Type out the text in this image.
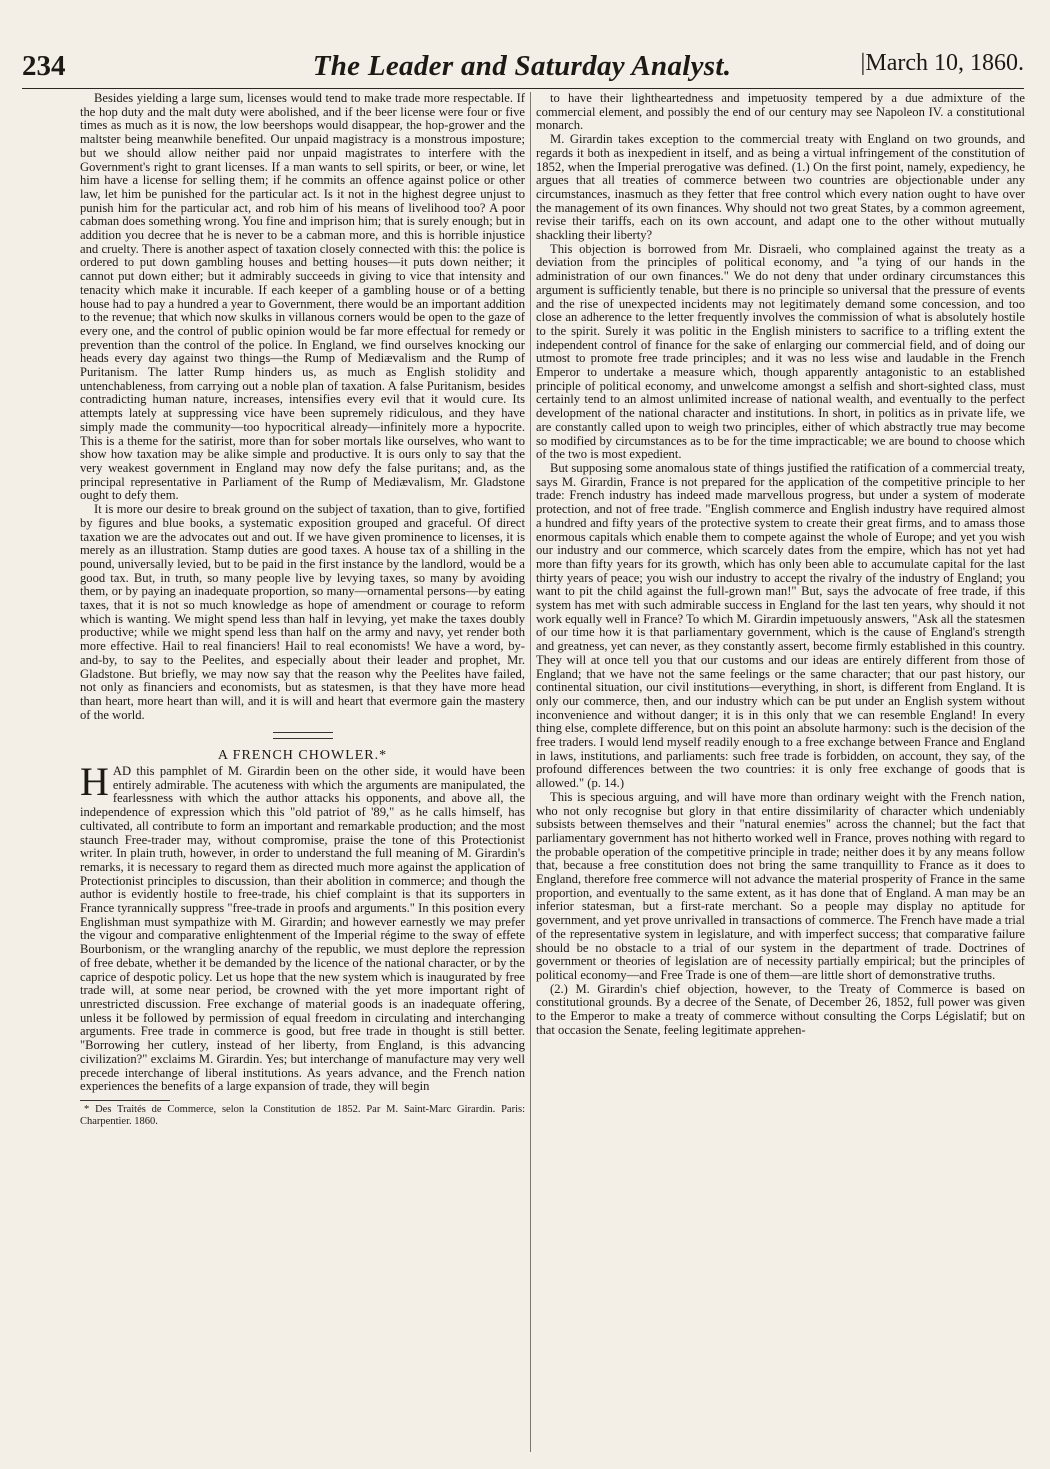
234	The Leader and Saturday Analyst.	|March 10, 1860.

Besides yielding a large sum, licenses would tend to make trade more respectable. If the hop duty and the malt duty were abolished, and if the beer license were four or five times as much as it is now, the low beershops would disappear, the hop-grower and the maltster being meanwhile benefited. Our unpaid magistracy is a monstrous imposture; but we should allow neither paid nor unpaid magistrates to interfere with the Government's right to grant licenses. If a man wants to sell spirits, or beer, or wine, let him have a license for selling them; if he commits an offence against police or other law, let him be punished for the particular act. Is it not in the highest degree unjust to punish him for the particular act, and rob him of his means of livelihood too? A poor cabman does something wrong. You fine and imprison him; that is surely enough; but in addition you decree that he is never to be a cabman more, and this is horrible injustice and cruelty. There is another aspect of taxation closely connected with this: the police is ordered to put down gambling houses and betting houses—it puts down neither; it cannot put down either; but it admirably succeeds in giving to vice that intensity and tenacity which make it incurable. If each keeper of a gambling house or of a betting house had to pay a hundred a year to Government, there would be an important addition to the revenue; that which now skulks in villanous corners would be open to the gaze of every one, and the control of public opinion would be far more effectual for remedy or prevention than the control of the police. In England, we find ourselves knocking our heads every day against two things—the Rump of Mediævalism and the Rump of Puritanism. The latter Rump hinders us, as much as English stolidity and untenchableness, from carrying out a noble plan of taxation. A false Puritanism, besides contradicting human nature, increases, intensifies every evil that it would cure. Its attempts lately at suppressing vice have been supremely ridiculous, and they have simply made the community—too hypocritical already—infinitely more a hypocrite. This is a theme for the satirist, more than for sober mortals like ourselves, who want to show how taxation may be alike simple and productive. It is ours only to say that the very weakest government in England may now defy the false puritans; and, as the principal representative in Parliament of the Rump of Mediævalism, Mr. Gladstone ought to defy them.

It is more our desire to break ground on the subject of taxation, than to give, fortified by figures and blue books, a systematic exposition grouped and graceful. Of direct taxation we are the advocates out and out. If we have given prominence to licenses, it is merely as an illustration. Stamp duties are good taxes. A house tax of a shilling in the pound, universally levied, but to be paid in the first instance by the landlord, would be a good tax. But, in truth, so many people live by levying taxes, so many by avoiding them, or by paying an inadequate proportion, so many—ornamental persons—by eating taxes, that it is not so much knowledge as hope of amendment or courage to reform which is wanting. We might spend less than half in levying, yet make the taxes doubly productive; while we might spend less than half on the army and navy, yet render both more effective. Hail to real financiers! Hail to real economists! We have a word, by-and-by, to say to the Peelites, and especially about their leader and prophet, Mr. Gladstone. But briefly, we may now say that the reason why the Peelites have failed, not only as financiers and economists, but as statesmen, is that they have more head than heart, more heart than will, and it is will and heart that evermore gain the mastery of the world.

A FRENCH CHOWLER.*

HAD this pamphlet of M. Girardin been on the other side, it would have been entirely admirable. The acuteness with which the arguments are manipulated, the fearlessness with which the author attacks his opponents, and above all, the independence of expression which this "old patriot of '89," as he calls himself, has cultivated, all contribute to form an important and remarkable production; and the most staunch Free-trader may, without compromise, praise the tone of this Protectionist writer. In plain truth, however, in order to understand the full meaning of M. Girardin's remarks, it is necessary to regard them as directed much more against the application of Protectionist principles to discussion, than their abolition in commerce; and though the author is evidently hostile to free-trade, his chief complaint is that its supporters in France tyrannically suppress "free-trade in proofs and arguments." In this position every Englishman must sympathize with M. Girardin; and however earnestly we may prefer the vigour and comparative enlightenment of the Imperial régime to the sway of effete Bourbonism, or the wrangling anarchy of the republic, we must deplore the repression of free debate, whether it be demanded by the licence of the national character, or by the caprice of despotic policy. Let us hope that the new system which is inaugurated by free trade will, at some near period, be crowned with the yet more important right of unrestricted discussion. Free exchange of material goods is an inadequate offering, unless it be followed by permission of equal freedom in circulating and interchanging arguments. Free trade in commerce is good, but free trade in thought is still better. "Borrowing her cutlery, instead of her liberty, from England, is this advancing civilization?" exclaims M. Girardin. Yes; but interchange of manufacture may very well precede interchange of liberal institutions. As years advance, and the French nation experiences the benefits of a large expansion of trade, they will begin

* Des Traités de Commerce, selon la Constitution de 1852. Par M. Saint-Marc Girardin. Paris: Charpentier. 1860.

to have their lightheartedness and impetuosity tempered by a due admixture of the commercial element, and possibly the end of our century may see Napoleon IV. a constitutional monarch.

M. Girardin takes exception to the commercial treaty with England on two grounds, and regards it both as inexpedient in itself, and as being a virtual infringement of the constitution of 1852, when the Imperial prerogative was defined. (1.) On the first point, namely, expediency, he argues that all treaties of commerce between two countries are objectionable under any circumstances, inasmuch as they fetter that free control which every nation ought to have over the management of its own finances. Why should not two great States, by a common agreement, revise their tariffs, each on its own account, and adapt one to the other without mutually shackling their liberty?

This objection is borrowed from Mr. Disraeli, who complained against the treaty as a deviation from the principles of political economy, and "a tying of our hands in the administration of our own finances." We do not deny that under ordinary circumstances this argument is sufficiently tenable, but there is no principle so universal that the pressure of events and the rise of unexpected incidents may not legitimately demand some concession, and too close an adherence to the letter frequently involves the commission of what is absolutely hostile to the spirit. Surely it was politic in the English ministers to sacrifice to a trifling extent the independent control of finance for the sake of enlarging our commercial field, and of doing our utmost to promote free trade principles; and it was no less wise and laudable in the French Emperor to undertake a measure which, though apparently antagonistic to an established principle of political economy, and unwelcome amongst a selfish and short-sighted class, must certainly tend to an almost unlimited increase of national wealth, and eventually to the perfect development of the national character and institutions. In short, in politics as in private life, we are constantly called upon to weigh two principles, either of which abstractly true may become so modified by circumstances as to be for the time impracticable; we are bound to choose which of the two is most expedient.

But supposing some anomalous state of things justified the ratification of a commercial treaty, says M. Girardin, France is not prepared for the application of the competitive principle to her trade: French industry has indeed made marvellous progress, but under a system of moderate protection, and not of free trade. "English commerce and English industry have required almost a hundred and fifty years of the protective system to create their great firms, and to amass those enormous capitals which enable them to compete against the whole of Europe; and yet you wish our industry and our commerce, which scarcely dates from the empire, which has not yet had more than fifty years for its growth, which has only been able to accumulate capital for the last thirty years of peace; you wish our industry to accept the rivalry of the industry of England; you want to pit the child against the full-grown man!" But, says the advocate of free trade, if this system has met with such admirable success in England for the last ten years, why should it not work equally well in France? To which M. Girardin impetuously answers, "Ask all the statesmen of our time how it is that parliamentary government, which is the cause of England's strength and greatness, yet can never, as they constantly assert, become firmly established in this country. They will at once tell you that our customs and our ideas are entirely different from those of England; that we have not the same feelings or the same character; that our past history, our continental situation, our civil institutions—everything, in short, is different from England. It is only our commerce, then, and our industry which can be put under an English system without inconvenience and without danger; it is in this only that we can resemble England! In every thing else, complete difference, but on this point an absolute harmony: such is the decision of the free traders. I would lend myself readily enough to a free exchange between France and England in laws, institutions, and parliaments: such free trade is forbidden, on account, they say, of the profound differences between the two countries: it is only free exchange of goods that is allowed." (p. 14.)

This is specious arguing, and will have more than ordinary weight with the French nation, who not only recognise but glory in that entire dissimilarity of character which undeniably subsists between themselves and their "natural enemies" across the channel; but the fact that parliamentary government has not hitherto worked well in France, proves nothing with regard to the probable operation of the competitive principle in trade; neither does it by any means follow that, because a free constitution does not bring the same tranquillity to France as it does to England, therefore free commerce will not advance the material prosperity of France in the same proportion, and eventually to the same extent, as it has done that of England. A man may be an inferior statesman, but a first-rate merchant. So a people may display no aptitude for government, and yet prove unrivalled in transactions of commerce. The French have made a trial of the representative system in legislature, and with imperfect success; that comparative failure should be no obstacle to a trial of our system in the department of trade. Doctrines of government or theories of legislation are of necessity partially empirical; but the principles of political economy—and Free Trade is one of them—are little short of demonstrative truths.

(2.) M. Girardin's chief objection, however, to the Treaty of Commerce is based on constitutional grounds. By a decree of the Senate, of December 26, 1852, full power was given to the Emperor to make a treaty of commerce without consulting the Corps Législatif; but on that occasion the Senate, feeling legitimate apprehen-
